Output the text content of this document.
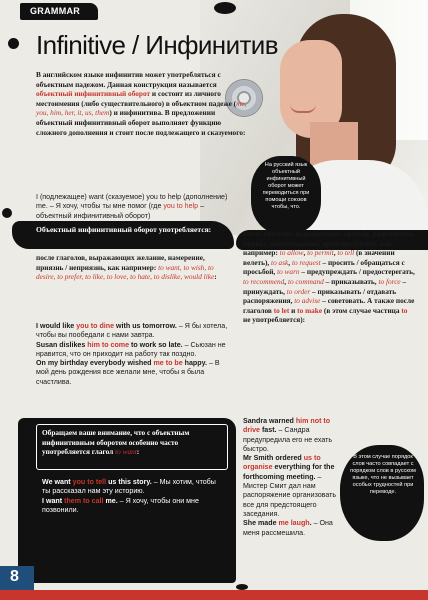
GRAMMAR
Infinitive / Инфинитив
В английском языке инфинитив может употребляться с объектным падежом. Данная конструкция называется объектный инфинитивный оборот и состоит из личного местоимения (либо существительного) в объектном падеже (me, you, him, her, it, us, them) и инфинитива. В предложении объектный инфинитивный оборот выполняет функцию сложного дополнения и стоит после подлежащего и сказуемого:
I (подлежащее) want (сказуемое) you to help (дополнение) me. – Я хочу, чтобы ты мне помог (где you to help – объектный инфинитивный оборот)
На русский язык объектный инфинитивный оборот может переводиться при помощи союзов чтобы, что.
Объектный инфинитивный оборот употребляется:
после глаголов, выражающих желание, намерение, приязнь / неприязнь, как например: to want, to wish, to desire, to prefer, to like, to love, to hate, to dislike, would like:
I would like you to dine with us tomorrow. – Я бы хотела, чтобы вы пообедали с нами завтра.
Susan dislikes him to come to work so late. – Сьюзан не нравится, что он приходит на работу так поздно.
On my birthday everybody wished me to be happy. – В мой день рождения все желали мне, чтобы я была счастлива.
Обращаем ваше внимание, что с объектным инфинитивным оборотом особенно часто употребляется глагол to want:
We want you to tell us this story. – Мы хотим, чтобы ты рассказал нам эту историю.
I want them to call me. – Я хочу, чтобы они мне позвонили.
8
после глаголов, выражающих просьбу, разрешения, приказ, рекомендацию, предупреждение, как например: to allow, to permit, to tell (в значении велеть), to ask, to request – просить / обращаться с просьбой, to warn – предупреждать / предостерегать, to recommend, to command – приказывать, to force – принуждать, to order – приказывать / отдавать распоряжения, to advise – советовать. А также после глаголов to let и to make (в этом случае частица to не употребляется):
Sandra warned him not to drive fast. – Сандра предупредила его не ехать быстро.
Mr Smith ordered us to organise everything for the forthcoming meeting. – Мистер Смит дал нам распоряжение организовать все для предстоящего заседания.
She made me laugh. – Она меня рассмешила.
В этом случае порядок слов часто совпадает с порядком слов в русском языке, что не вызывает особых трудностей при переводе.
